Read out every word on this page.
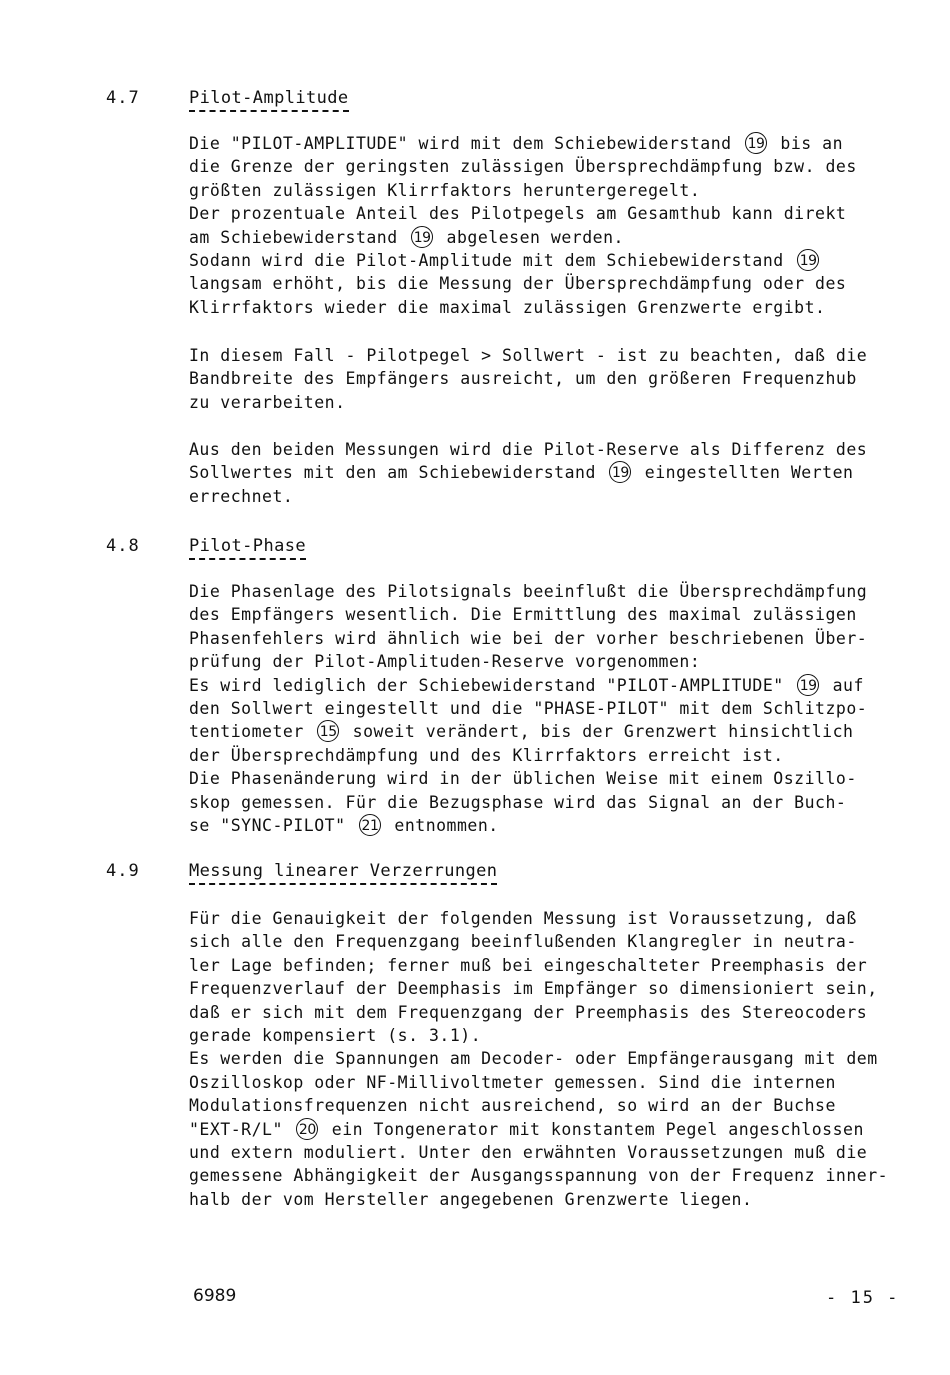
4.7	Pilot-Amplitude
Die "PILOT-AMPLITUDE" wird mit dem Schiebewiderstand 19 bis an
die Grenze der geringsten zulässigen Übersprechdämpfung bzw. des
größten zulässigen Klirrfaktors heruntergeregelt.
Der prozentuale Anteil des Pilotpegels am Gesamthub kann direkt
am Schiebewiderstand 19 abgelesen werden.
Sodann wird die Pilot-Amplitude mit dem Schiebewiderstand 19
langsam erhöht, bis die Messung der Übersprechdämpfung oder des
Klirrfaktors wieder die maximal zulässigen Grenzwerte ergibt.
In diesem Fall - Pilotpegel > Sollwert - ist zu beachten, daß die
Bandbreite des Empfängers ausreicht, um den größeren Frequenzhub
zu verarbeiten.
Aus den beiden Messungen wird die Pilot-Reserve als Differenz des
Sollwertes mit den am Schiebewiderstand 19 eingestellten Werten
errechnet.
4.8	Pilot-Phase
Die Phasenlage des Pilotsignals beeinflußt die Übersprechdämpfung
des Empfängers wesentlich. Die Ermittlung des maximal zulässigen
Phasenfehlers wird ähnlich wie bei der vorher beschriebenen Über-
prüfung der Pilot-Amplituden-Reserve vorgenommen:
Es wird lediglich der Schiebewiderstand "PILOT-AMPLITUDE" 19 auf
den Sollwert eingestellt und die "PHASE-PILOT" mit dem Schlitzpo-
tentiometer 15 soweit verändert, bis der Grenzwert hinsichtlich
der Übersprechdämpfung und des Klirrfaktors erreicht ist.
Die Phasenänderung wird in der üblichen Weise mit einem Oszillo-
skop gemessen. Für die Bezugsphase wird das Signal an der Buch-
se "SYNC-PILOT" 21 entnommen.
4.9	Messung linearer Verzerrungen
Für die Genauigkeit der folgenden Messung ist Voraussetzung, daß
sich alle den Frequenzgang beeinflußenden Klangregler in neutra-
ler Lage befinden; ferner muß bei eingeschalteter Preemphasis der
Frequenzverlauf der Deemphasis im Empfänger so dimensioniert sein,
daß er sich mit dem Frequenzgang der Preemphasis des Stereocoders
gerade kompensiert (s. 3.1).
Es werden die Spannungen am Decoder- oder Empfängerausgang mit dem
Oszilloskop oder NF-Millivoltmeter gemessen. Sind die internen
Modulationsfrequenzen nicht ausreichend, so wird an der Buchse
"EXT-R/L" 20 ein Tongenerator mit konstantem Pegel angeschlossen
und extern moduliert. Unter den erwähnten Voraussetzungen muß die
gemessene Abhängigkeit der Ausgangsspannung von der Frequenz inner-
halb der vom Hersteller angegebenen Grenzwerte liegen.
6989	- 15 -
